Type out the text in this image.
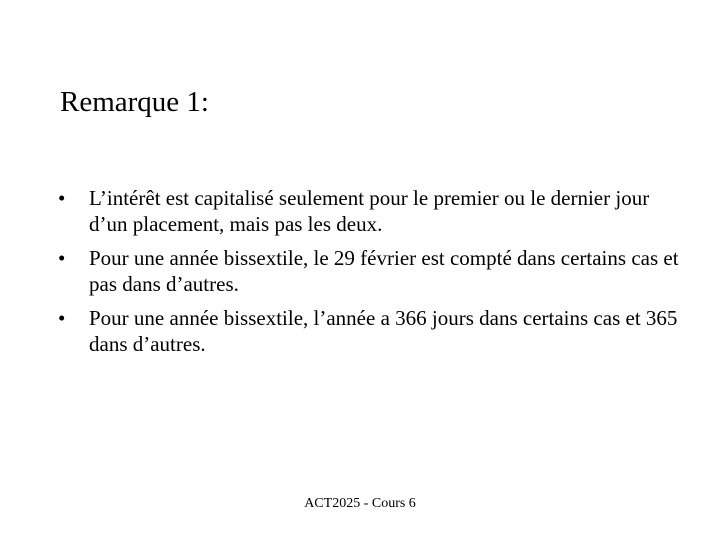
Remarque 1:
•	L’intérêt est capitalisé seulement pour le premier ou le dernier jour d’un placement, mais pas les deux.
•	Pour une année bissextile, le 29 février est compté dans certains cas et pas dans d’autres.
•	Pour une année bissextile, l’année a 366 jours dans certains cas et 365 dans d’autres.
ACT2025 - Cours 6
